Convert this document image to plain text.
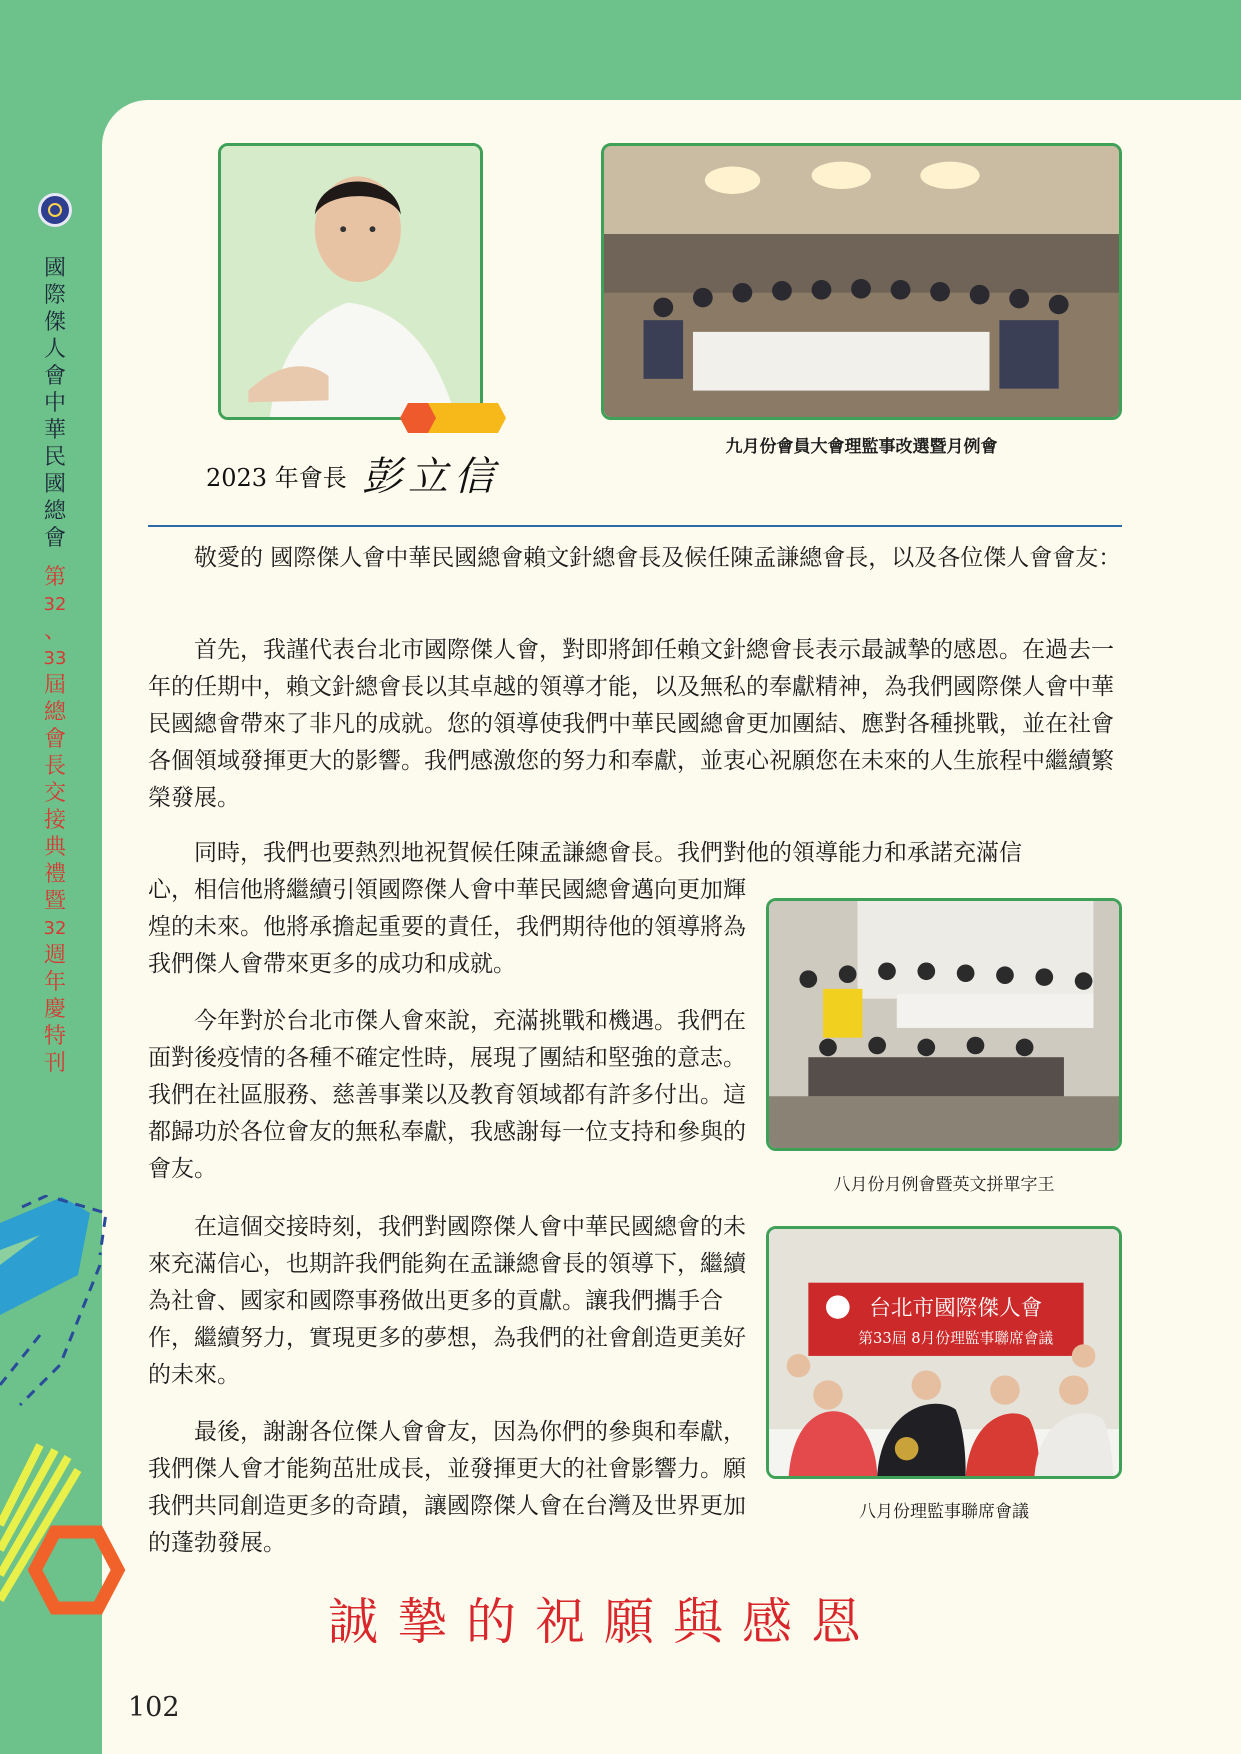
國
際
傑
人
會
中
華
民
國
總
會
第
32
、
33
屆
總
會
長
交
接
典
禮
暨
32
週
年
慶
特
刊
2023 年會長 彭立信
九月份會員大會理監事改選暨月例會

敬愛的 國際傑人會中華民國總會賴文針總會長及候任陳孟謙總會長，以及各位傑人會會友：

首先，我謹代表台北市國際傑人會，對即將卸任賴文針總會長表示最誠摯的感恩。在過去一年的任期中，賴文針總會長以其卓越的領導才能，以及無私的奉獻精神，為我們國際傑人會中華民國總會帶來了非凡的成就。您的領導使我們中華民國總會更加團結、應對各種挑戰，並在社會各個領域發揮更大的影響。我們感激您的努力和奉獻，並衷心祝願您在未來的人生旅程中繼續繁榮發展。

同時，我們也要熱烈地祝賀候任陳孟謙總會長。我們對他的領導能力和承諾充滿信

心，相信他將繼續引領國際傑人會中華民國總會邁向更加輝煌的未來。他將承擔起重要的責任，我們期待他的領導將為我們傑人會帶來更多的成功和成就。

今年對於台北市傑人會來說，充滿挑戰和機遇。我們在面對後疫情的各種不確定性時，展現了團結和堅強的意志。我們在社區服務、慈善事業以及教育領域都有許多付出。這都歸功於各位會友的無私奉獻，我感謝每一位支持和參與的會友。

在這個交接時刻，我們對國際傑人會中華民國總會的未來充滿信心，也期許我們能夠在孟謙總會長的領導下，繼續為社會、國家和國際事務做出更多的貢獻。讓我們攜手合作，繼續努力，實現更多的夢想，為我們的社會創造更美好的未來。

最後，謝謝各位傑人會會友，因為你們的參與和奉獻，我們傑人會才能夠茁壯成長，並發揮更大的社會影響力。願我們共同創造更多的奇蹟，讓國際傑人會在台灣及世界更加的蓬勃發展。

八月份月例會暨英文拼單字王
台北市國際傑人會
第33屆 8月份理監事聯席會議
八月份理監事聯席會議
誠摯的祝願與感恩
102
